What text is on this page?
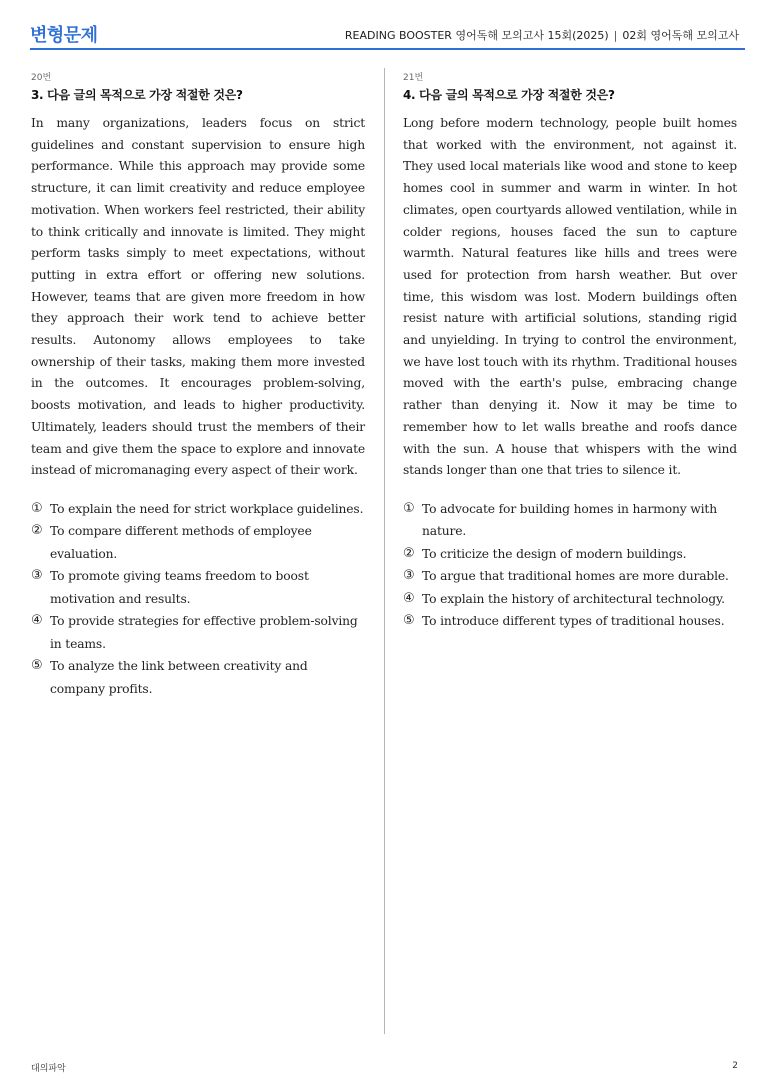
변형문제	READING BOOSTER 영어독해 모의고사 15회(2025) | 02회 영어독해 모의고사
20번
3. 다음 글의 목적으로 가장 적절한 것은?

In many organizations, leaders focus on strict guidelines and constant supervision to ensure high performance. While this approach may provide some structure, it can limit creativity and reduce employee motivation. When workers feel restricted, their ability to think critically and innovate is limited. They might perform tasks simply to meet expectations, without putting in extra effort or offering new solutions. However, teams that are given more freedom in how they approach their work tend to achieve better results. Autonomy allows employees to take ownership of their tasks, making them more invested in the outcomes. It encourages problem-solving, boosts motivation, and leads to higher productivity. Ultimately, leaders should trust the members of their team and give them the space to explore and innovate instead of micromanaging every aspect of their work.

① To explain the need for strict workplace guidelines.
② To compare different methods of employee evaluation.
③ To promote giving teams freedom to boost motivation and results.
④ To provide strategies for effective problem-solving in teams.
⑤ To analyze the link between creativity and company profits.
21번
4. 다음 글의 목적으로 가장 적절한 것은?

Long before modern technology, people built homes that worked with the environment, not against it. They used local materials like wood and stone to keep homes cool in summer and warm in winter. In hot climates, open courtyards allowed ventilation, while in colder regions, houses faced the sun to capture warmth. Natural features like hills and trees were used for protection from harsh weather. But over time, this wisdom was lost. Modern buildings often resist nature with artificial solutions, standing rigid and unyielding. In trying to control the environment, we have lost touch with its rhythm. Traditional houses moved with the earth's pulse, embracing change rather than denying it. Now it may be time to remember how to let walls breathe and roofs dance with the sun. A house that whispers with the wind stands longer than one that tries to silence it.

① To advocate for building homes in harmony with nature.
② To criticize the design of modern buildings.
③ To argue that traditional homes are more durable.
④ To explain the history of architectural technology.
⑤ To introduce different types of traditional houses.
대의파악	2
